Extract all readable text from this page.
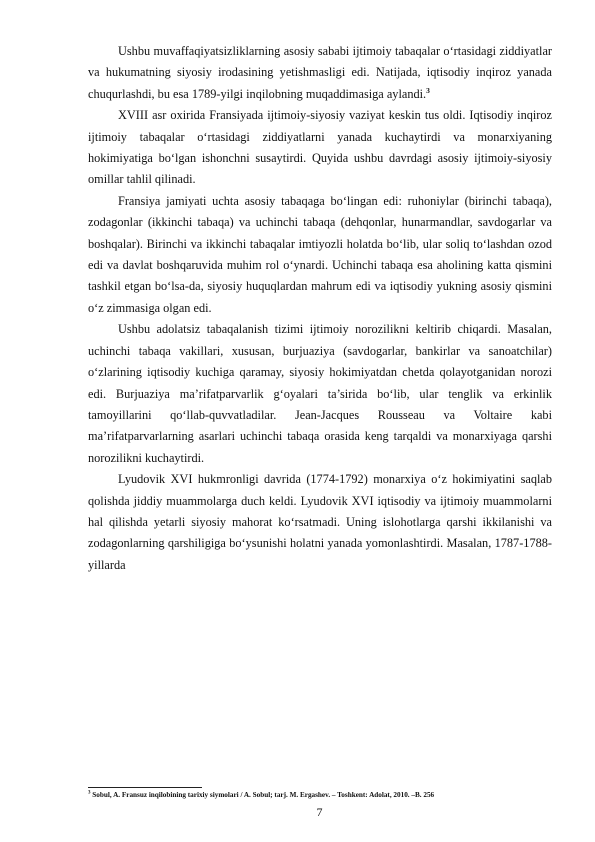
Ushbu muvaffaqiyatsizliklarning asosiy sababi ijtimoiy tabaqalar o‘rtasidagi ziddiyatlar va hukumatning siyosiy irodasining yetishmasligi edi. Natijada, iqtisodiy inqiroz yanada chuqurlashdi, bu esa 1789-yilgi inqilobning muqaddimasiga aylandi.$^3$

XVIII asr oxirida Fransiyada ijtimoiy-siyosiy vaziyat keskin tus oldi. Iqtisodiy inqiroz ijtimoiy tabaqalar o‘rtasidagi ziddiyatlarni yanada kuchaytirdi va monarxiyaning hokimiyatiga bo‘lgan ishonchni susaytirdi. Quyida ushbu davrdagi asosiy ijtimoiy-siyosiy omillar tahlil qilinadi.

Fransiya jamiyati uchta asosiy tabaqaga bo‘lingan edi: ruhoniylar (birinchi tabaqa), zodagonlar (ikkinchi tabaqa) va uchinchi tabaqa (dehqonlar, hunarmandlar, savdogarlar va boshqalar). Birinchi va ikkinchi tabaqalar imtiyozli holatda bo‘lib, ular soliq to‘lashdan ozod edi va davlat boshqaruvida muhim rol o‘ynardi. Uchinchi tabaqa esa aholining katta qismini tashkil etgan bo‘lsa-da, siyosiy huquqlardan mahrum edi va iqtisodiy yukning asosiy qismini o‘z zimmasiga olgan edi.

Ushbu adolatsiz tabaqalanish tizimi ijtimoiy norozilikni keltirib chiqardi. Masalan, uchinchi tabaqa vakillari, xususan, burjuaziya (savdogarlar, bankirlar va sanoatchilar) o‘zlarining iqtisodiy kuchiga qaramay, siyosiy hokimiyatdan chetda qolayotganidan norozi edi. Burjuaziya ma’rifatparvarlik g‘oyalari ta’sirida bo‘lib, ular tenglik va erkinlik tamoyillarini qo‘llab-quvvatladilar. Jean-Jacques Rousseau va Voltaire kabi ma’rifatparvarlarning asarlari uchinchi tabaqa orasida keng tarqaldi va monarxiyaga qarshi norozilikni kuchaytirdi.

Lyudovik XVI hukmronligi davrida (1774-1792) monarxiya o‘z hokimiyatini saqlab qolishda jiddiy muammolarga duch keldi. Lyudovik XVI iqtisodiy va ijtimoiy muammolarni hal qilishda yetarli siyosiy mahorat ko‘rsatmadi. Uning islohotlarga qarshi ikkilanishi va zodagonlarning qarshiligiga bo‘ysunishi holatni yanada yomonlashtirdi. Masalan, 1787-1788-yillarda

$^3$ Sobul, A. Fransuz inqilobining tarixiy siymolari / A. Sobul; tarj. M. Ergashev. – Toshkent: Adolat, 2010. –B. 256
7
